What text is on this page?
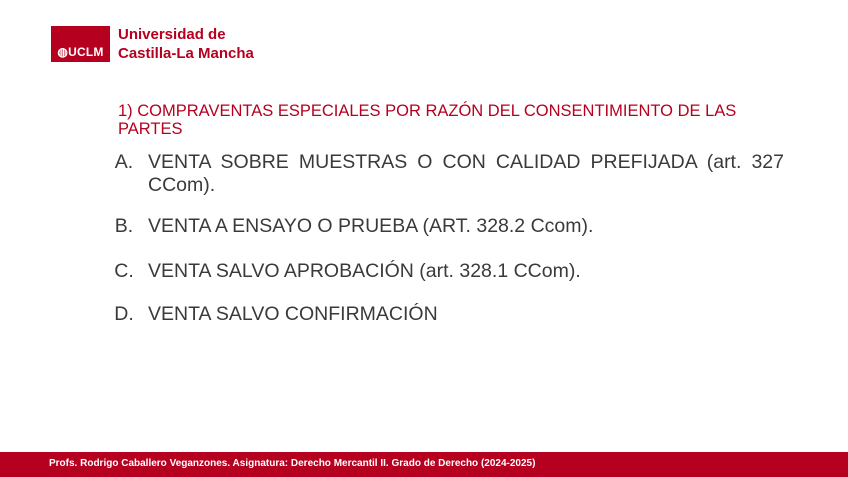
◍UCLM
Universidad de
Castilla-La Mancha
1) COMPRAVENTAS ESPECIALES POR RAZÓN DEL CONSENTIMIENTO DE LAS PARTES
A. VENTA SOBRE MUESTRAS O CON CALIDAD PREFIJADA (art. 327 CCom).
B. VENTA A ENSAYO O PRUEBA (ART. 328.2 Ccom).
C. VENTA SALVO APROBACIÓN (art. 328.1 CCom).
D. VENTA SALVO CONFIRMACIÓN
Profs. Rodrigo Caballero Veganzones. Asignatura: Derecho Mercantil II. Grado de Derecho (2024-2025)
